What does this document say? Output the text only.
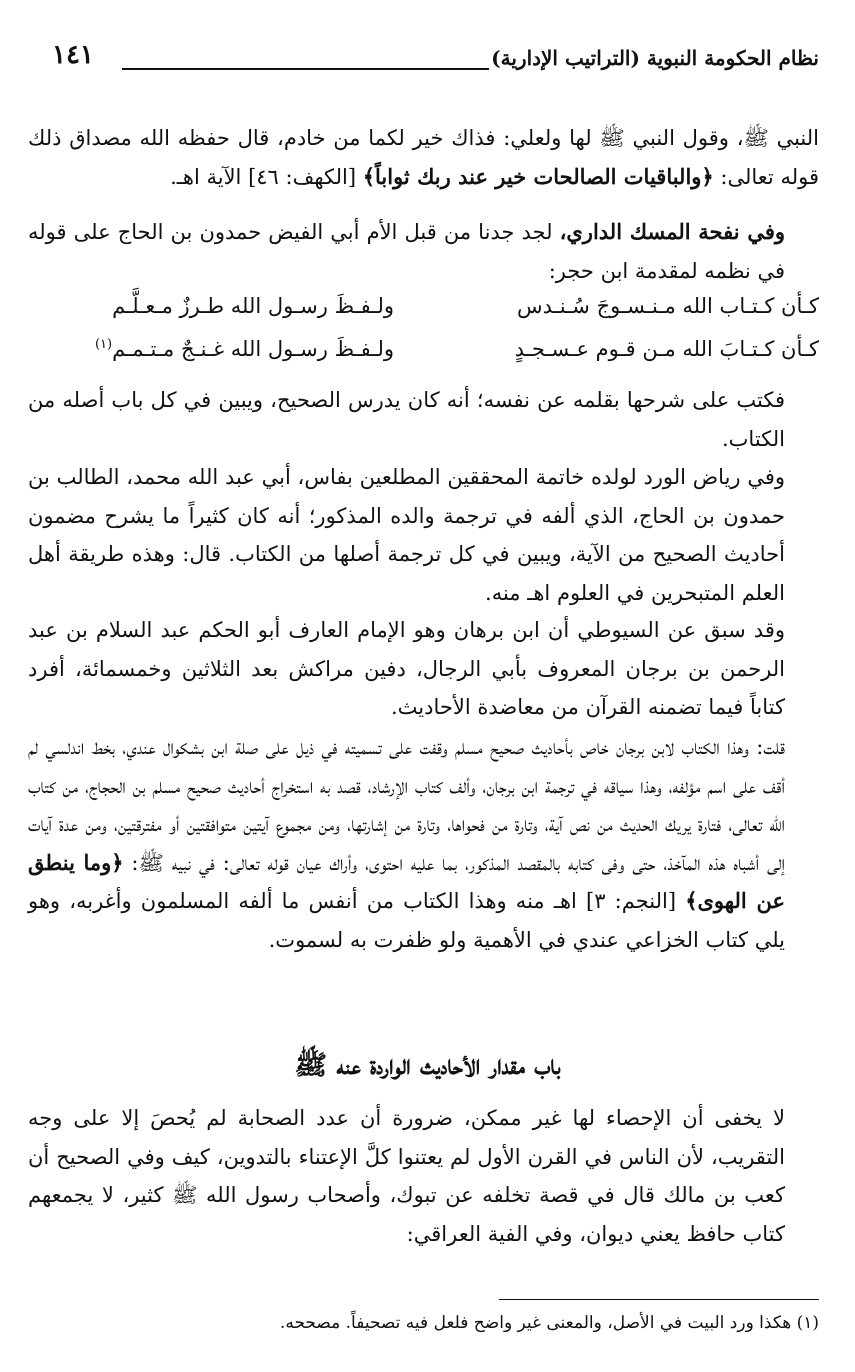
نظام الحكومة النبوية (التراتيب الإدارية)
١٤١
النبي ﷺ، وقول النبي ﷺ لها ولعلي: فذاك خير لكما من خادم، قال حفظه الله مصداق ذلك قوله تعالى: ﴿والباقيات الصالحات خير عند ربك ثواباً﴾ [الكهف: ٤٦] الآية اهـ.
وفي نفحة المسك الداري، لجد جدنا من قبل الأم أبي الفيض حمدون بن الحاج على قوله في نظمه لمقدمة ابن حجر:
كـأن كـتـاب الله مـنـسـوجَ سُـنـدس
ولـفـظَ رسـول الله طـرزٌ مـعـلَّـم
كـأن كـتـابَ الله مـن قـوم عـسـجـدٍ
ولـفـظَ رسـول الله غـنـجٌ مـتـمـم$^{(١)}$
فكتب على شرحها بقلمه عن نفسه؛ أنه كان يدرس الصحيح، ويبين في كل باب أصله من الكتاب.
وفي رياض الورد لولده خاتمة المحققين المطلعين بفاس، أبي عبد الله محمد، الطالب بن حمدون بن الحاج، الذي ألفه في ترجمة والده المذكور؛ أنه كان كثيراً ما يشرح مضمون أحاديث الصحيح من الآية، ويبين في كل ترجمة أصلها من الكتاب. قال: وهذه طريقة أهل العلم المتبحرين في العلوم اهـ منه.
وقد سبق عن السيوطي أن ابن برهان وهو الإمام العارف أبو الحكم عبد السلام بن عبد الرحمن بن برجان المعروف بأبي الرجال، دفين مراكش بعد الثلاثين وخمسمائة، أفرد كتاباً فيما تضمنه القرآن من معاضدة الأحاديث.
قلت: وهذا الكتاب لابن برجان خاص بأحاديث صحيح مسلم وقفت على تسميته في ذيل على صلة ابن بشكوال عندي، بخط اندلسي لم أقف على اسم مؤلفه، وهذا سياقه في ترجمة ابن برجان، وألف كتاب الإرشاد، قصد به استخراج أحاديث صحيح مسلم بن الحجاج، من كتاب الله تعالى، فتارة يريك الحديث من نص آية، وتارة من فحواها، وتارة من إشارتها، ومن مجموع آيتين متوافقتين أو مفترقتين، ومن عدة آيات إلى أشباه هذه المآخذ، حتى وفى كتابه بالمقصد المذكور، بما عليه احتوى، وأراك عيان قوله تعالى: في نبيه ﷺ: ﴿وما ينطق عن الهوى﴾ [النجم: ٣] اهـ منه وهذا الكتاب من أنفس ما ألفه المسلمون وأغربه، وهو يلي كتاب الخزاعي عندي في الأهمية ولو ظفرت به لسموت.
باب مقدار الأحاديث الواردة عنه ﷺ
لا يخفى أن الإحصاء لها غير ممكن، ضرورة أن عدد الصحابة لم يُحصَ إلا على وجه التقريب، لأن الناس في القرن الأول لم يعتنوا كلَّ الإعتناء بالتدوين، كيف وفي الصحيح أن كعب بن مالك قال في قصة تخلفه عن تبوك، وأصحاب رسول الله ﷺ كثير، لا يجمعهم كتاب حافظ يعني ديوان، وفي الفية العراقي:
(١) هكذا ورد البيت في الأصل، والمعنى غير واضح فلعل فيه تصحيفاً. مصححه.
